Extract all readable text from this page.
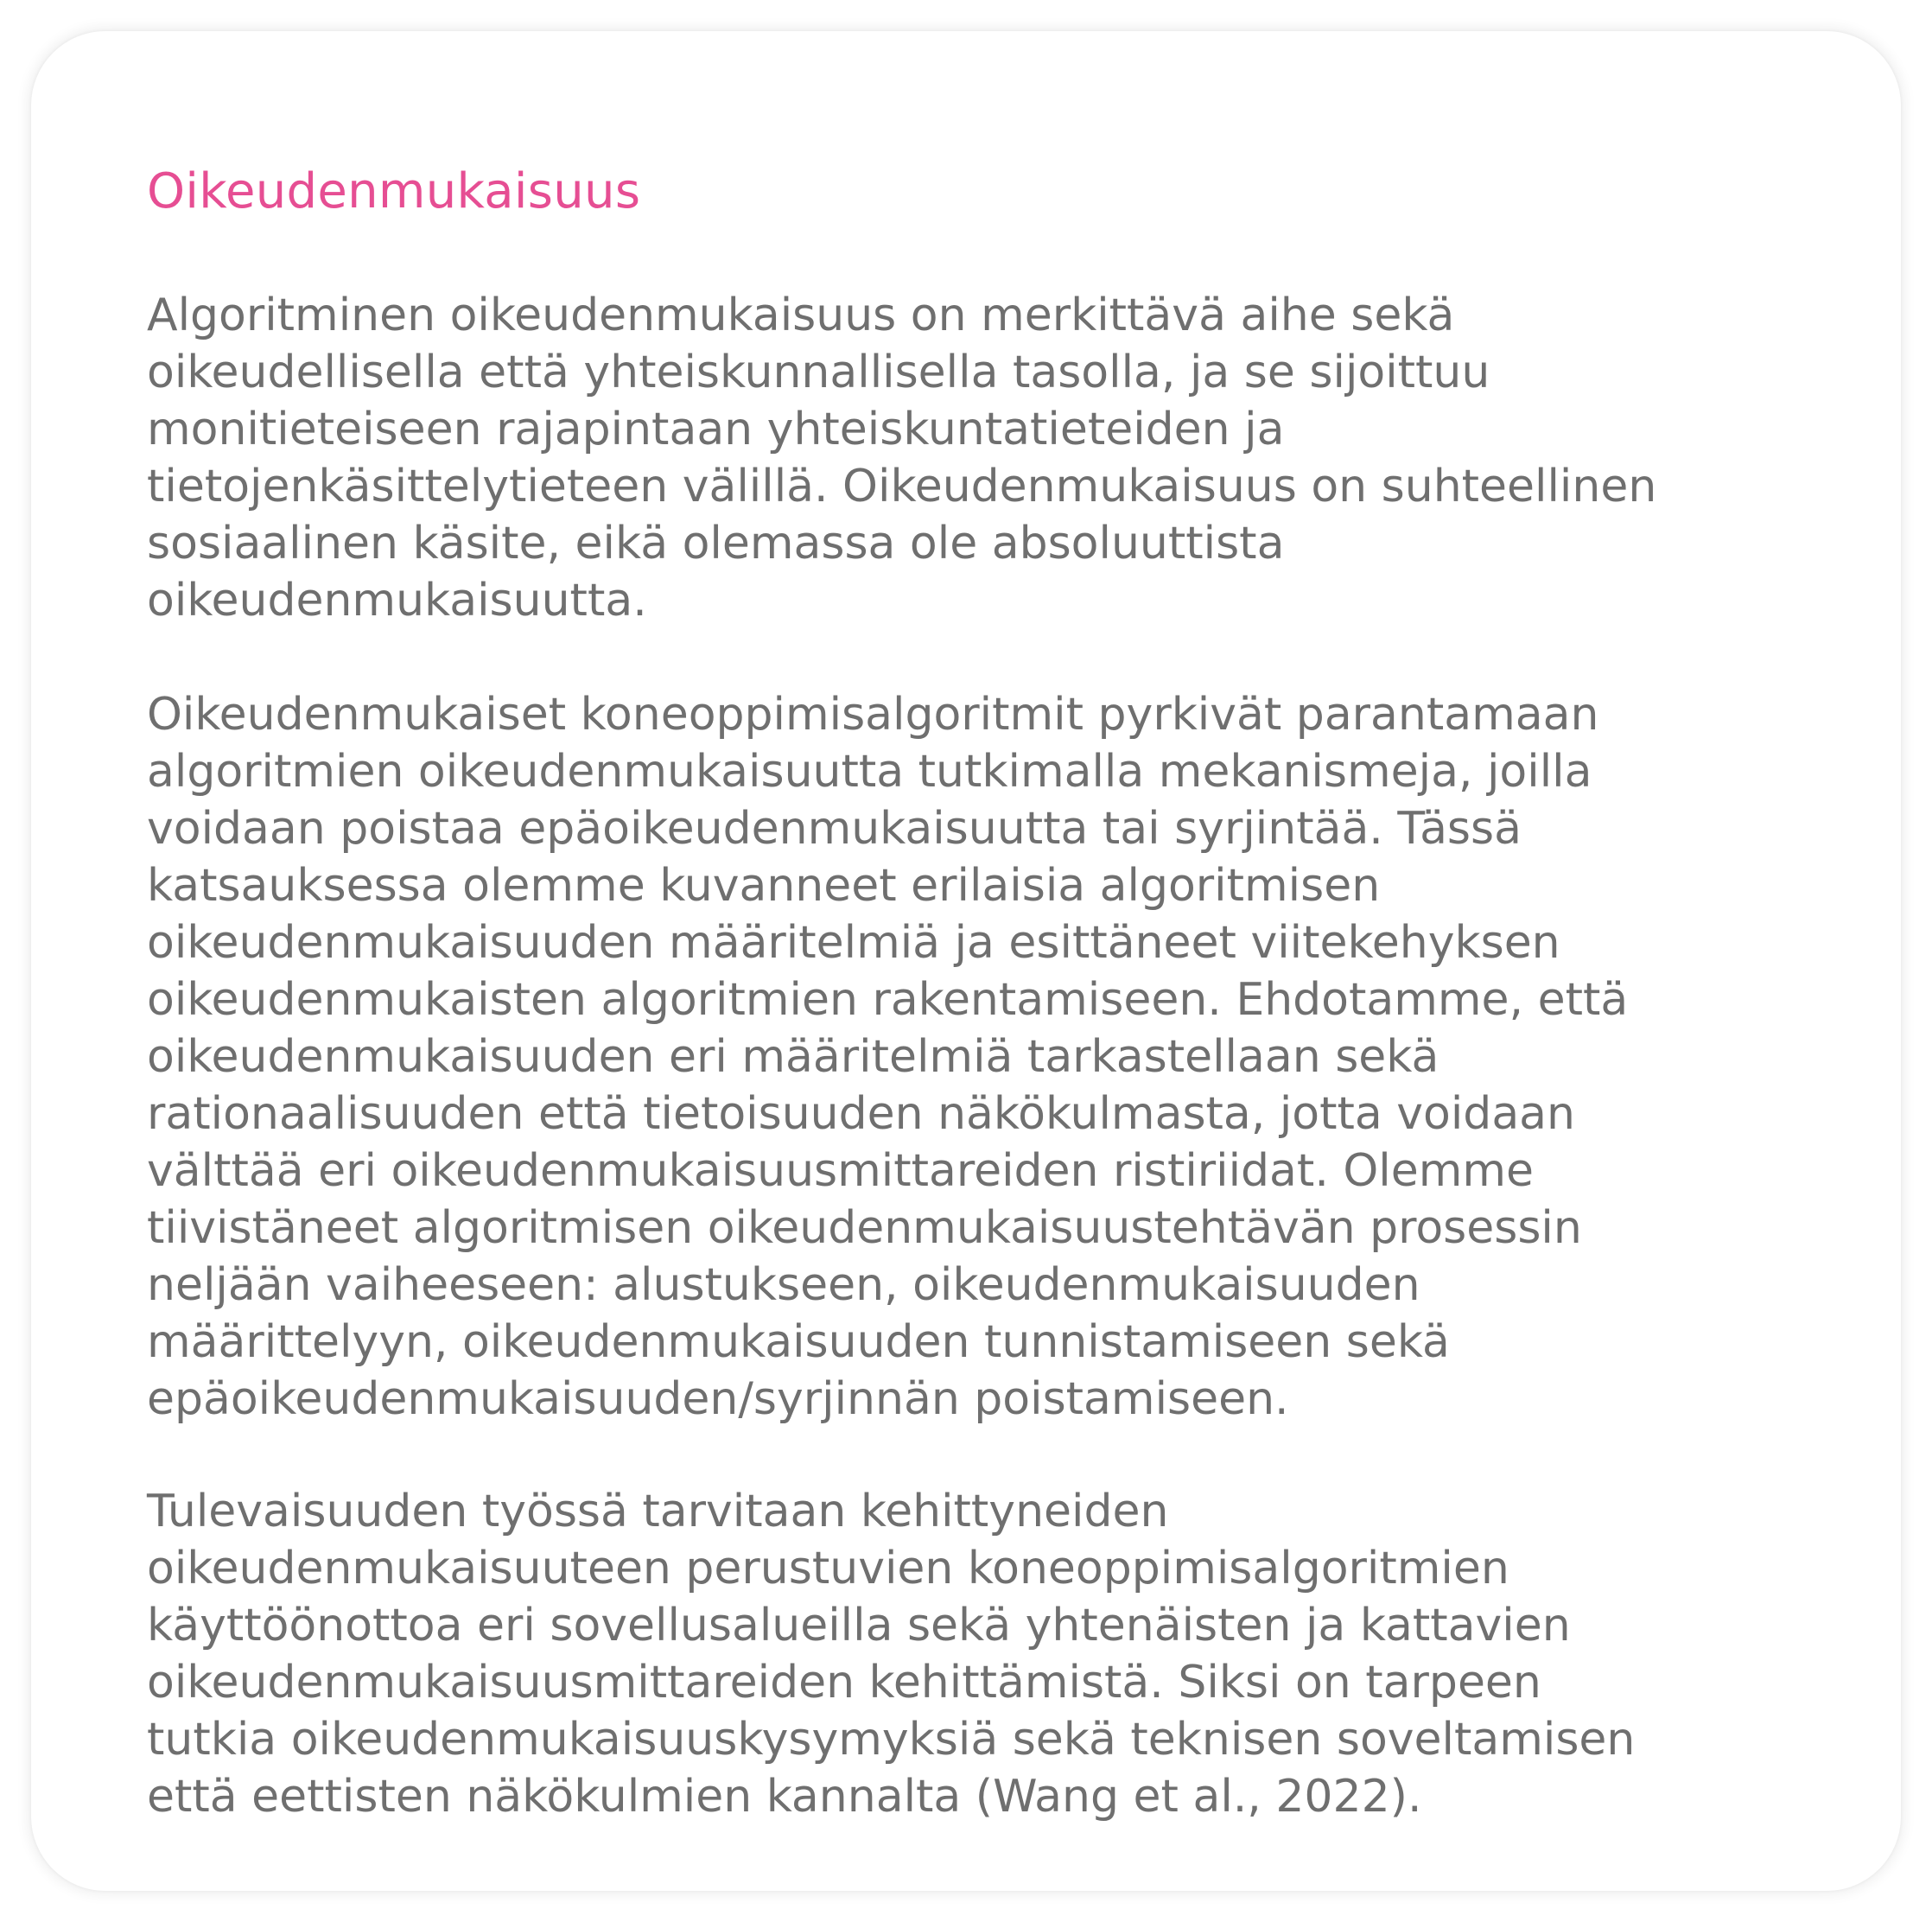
Oikeudenmukaisuus

Algoritminen oikeudenmukaisuus on merkittävä aihe sekä
oikeudellisella että yhteiskunnallisella tasolla, ja se sijoittuu
monitieteiseen rajapintaan yhteiskuntatieteiden ja
tietojenkäsittelytieteen välillä. Oikeudenmukaisuus on suhteellinen
sosiaalinen käsite, eikä olemassa ole absoluuttista
oikeudenmukaisuutta.

Oikeudenmukaiset koneoppimisalgoritmit pyrkivät parantamaan
algoritmien oikeudenmukaisuutta tutkimalla mekanismeja, joilla
voidaan poistaa epäoikeudenmukaisuutta tai syrjintää. Tässä
katsauksessa olemme kuvanneet erilaisia algoritmisen
oikeudenmukaisuuden määritelmiä ja esittäneet viitekehyksen
oikeudenmukaisten algoritmien rakentamiseen. Ehdotamme, että
oikeudenmukaisuuden eri määritelmiä tarkastellaan sekä
rationaalisuuden että tietoisuuden näkökulmasta, jotta voidaan
välttää eri oikeudenmukaisuusmittareiden ristiriidat. Olemme
tiivistäneet algoritmisen oikeudenmukaisuustehtävän prosessin
neljään vaiheeseen: alustukseen, oikeudenmukaisuuden
määrittelyyn, oikeudenmukaisuuden tunnistamiseen sekä
epäoikeudenmukaisuuden/syrjinnän poistamiseen.

Tulevaisuuden työssä tarvitaan kehittyneiden
oikeudenmukaisuuteen perustuvien koneoppimisalgoritmien
käyttöönottoa eri sovellusalueilla sekä yhtenäisten ja kattavien
oikeudenmukaisuusmittareiden kehittämistä. Siksi on tarpeen
tutkia oikeudenmukaisuuskysymyksiä sekä teknisen soveltamisen
että eettisten näkökulmien kannalta (Wang et al., 2022).
